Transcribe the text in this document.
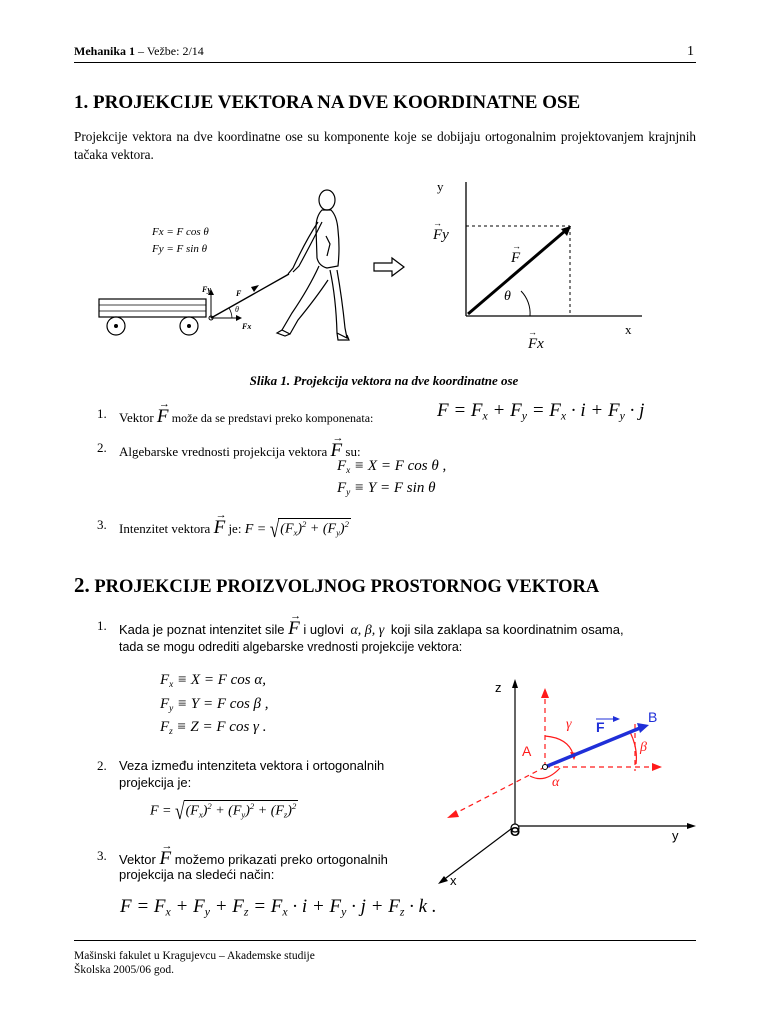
Mehanika 1 – Vežbe: 2/14	1
1. PROJEKCIJE VEKTORA NA DVE KOORDINATNE OSE
Projekcije vektora na dve koordinatne ose su komponente koje se dobijaju ortogonalnim projektovanjem krajnjnih tačaka vektora.
Fx = F cos θ
Fy = F sin θ
Fy	F
θ
Fx
y
x
θ
F
→
Fy
→
Fx
→
Slika 1. Projekcija vektora na dve koordinatne ose
1. Vektor F
→
može da se predstavi preko komponenata:	$F = F_x + F_y = F_x \cdot i + F_y \cdot j$
2. Algebarske vrednosti projekcija vektora F
→
su:
$F_x \equiv X = F$ cos θ ,
$F_y \equiv Y = F$ sin θ
3. Intenzitet vektora F
→
je: $F = √(F_x)^2 + (F_y)^2$
2. PROJEKCIJE PROIZVOLJNOG PROSTORNOG VEKTORA
1. Kada je poznat intenzitet sile F
→
i uglovi α, β, γ koji sila zaklapa sa koordinatnim osama,
tada se mogu odrediti algebarske vrednosti projekcije vektora:
$F_x \equiv X = F$ cos α,
$F_y \equiv Y = F$ cos β ,
$F_z \equiv Z = F$ cos γ .
2. Veza između intenziteta vektora i ortogonalnih
projekcija je:
$F = √(F_x)^2 + (F_y)^2 + (F_z)^2$
3. Vektor F
→
možemo prikazati preko ortogonalnih
projekcija na sledeći način:
$F = F_x + F_y + F_z = F_x \cdot i + F_y \cdot j + F_z \cdot k$ .
z
y
x
O
A
B
F
γ
β
α
Mašinski fakulet u Kragujevcu – Akademske studije
Školska 2005/06 god.
